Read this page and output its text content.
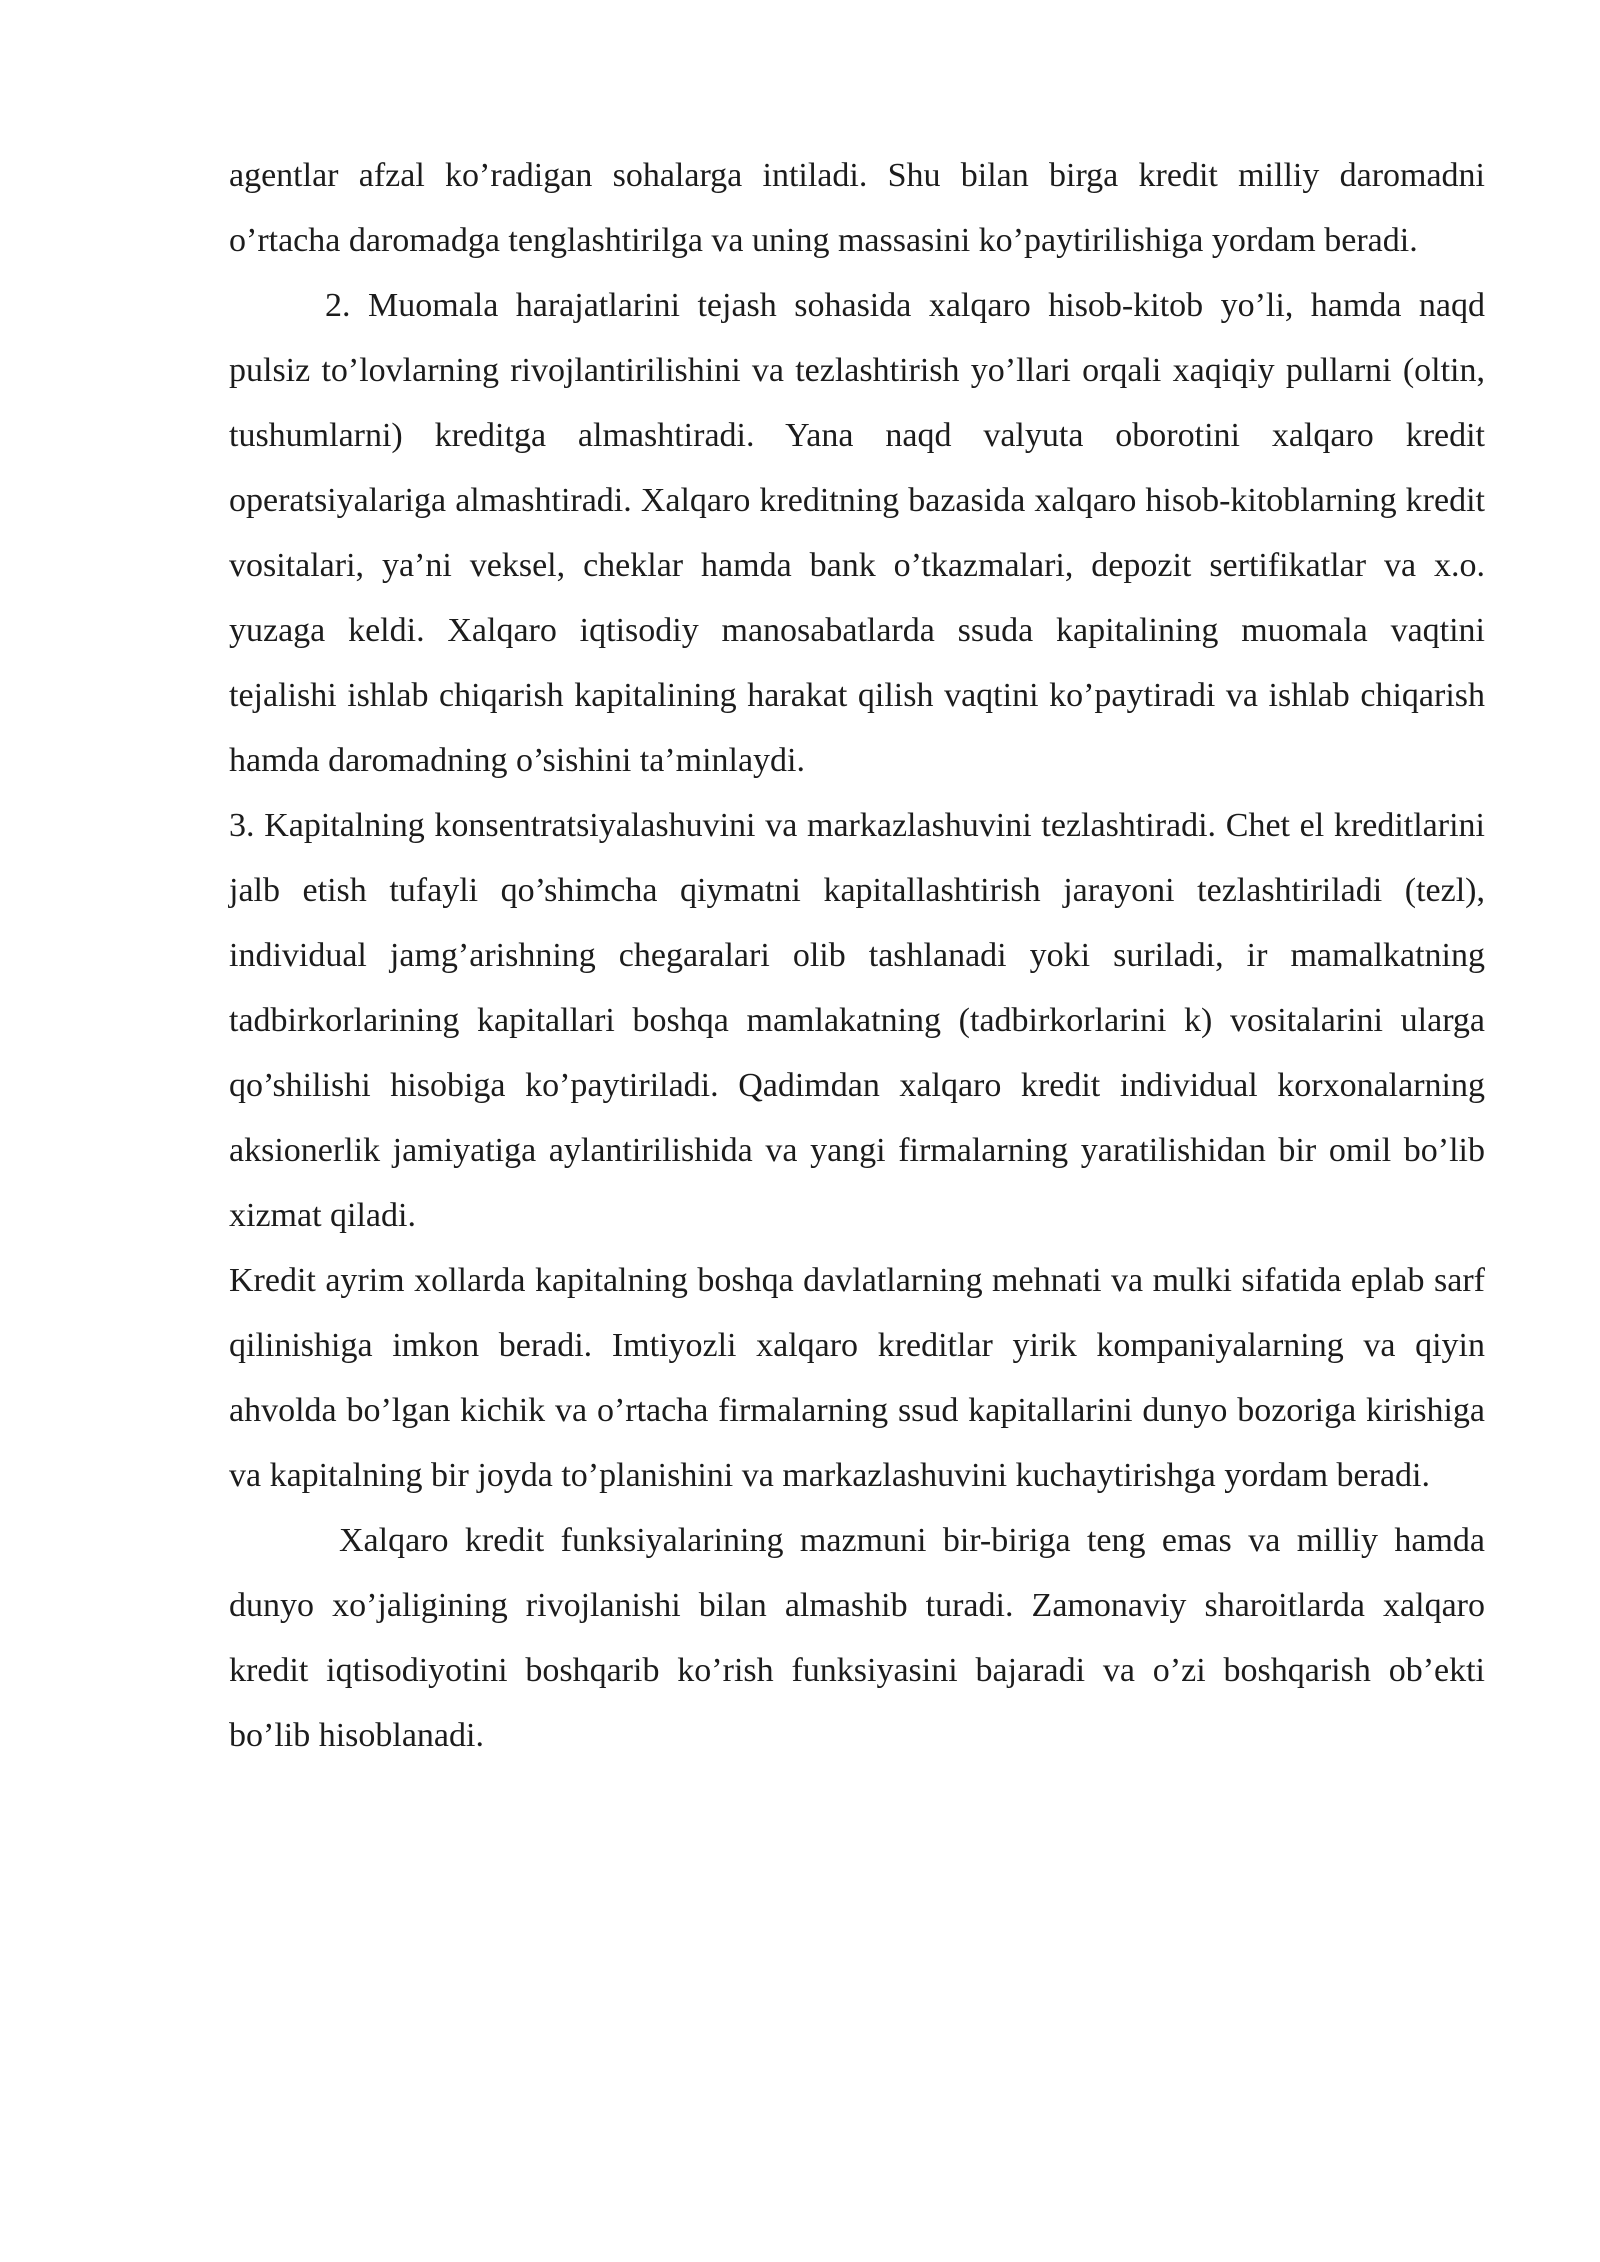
agentlar afzal ko’radigan sohalarga intiladi. Shu bilan birga kredit milliy daromadni o’rtacha daromadga tenglashtirilga va uning massasini ko’paytirilishiga yordam beradi.

2. Muomala harajatlarini tejash sohasida xalqaro hisob-kitob yo’li, hamda naqd pulsiz to’lovlarning rivojlantirilishini va tezlashtirish yo’llari orqali xaqiqiy pullarni (oltin, tushumlarni) kreditga almashtiradi. Yana naqd valyuta oborotini xalqaro kredit operatsiyalariga almashtiradi. Xalqaro kreditning bazasida xalqaro hisob-kitoblarning kredit vositalari, ya’ni veksel, cheklar hamda bank o’tkazmalari, depozit sertifikatlar va x.o. yuzaga keldi. Xalqaro iqtisodiy manosabatlarda ssuda kapitalining muomala vaqtini tejalishi ishlab chiqarish kapitalining harakat qilish vaqtini ko’paytiradi va ishlab chiqarish hamda daromadning o’sishini ta’minlaydi.

3. Kapitalning konsentratsiyalashuvini va markazlashuvini tezlashtiradi. Chet el kreditlarini jalb etish tufayli qo’shimcha qiymatni kapitallashtirish jarayoni tezlashtiriladi (tezl), individual jamg’arishning chegaralari olib tashlanadi yoki suriladi, ir mamalkatning tadbirkorlarining kapitallari boshqa mamlakatning (tadbirkorlarini k) vositalarini ularga qo’shilishi hisobiga ko’paytiriladi. Qadimdan xalqaro kredit individual korxonalarning aksionerlik jamiyatiga aylantirilishida va yangi firmalarning yaratilishidan bir omil bo’lib xizmat qiladi.

Kredit ayrim xollarda kapitalning boshqa davlatlarning mehnati va mulki sifatida eplab sarf qilinishiga imkon beradi. Imtiyozli xalqaro kreditlar yirik kompaniyalarning va qiyin ahvolda bo’lgan kichik va o’rtacha firmalarning ssud kapitallarini dunyo bozoriga kirishiga va kapitalning bir joyda to’planishini va markazlashuvini kuchaytirishga yordam beradi.

Xalqaro kredit funksiyalarining mazmuni bir-biriga teng emas va milliy hamda dunyo xo’jaligining rivojlanishi bilan almashib turadi. Zamonaviy sharoitlarda xalqaro kredit iqtisodiyotini boshqarib ko’rish funksiyasini bajaradi va o’zi boshqarish ob’ekti bo’lib hisoblanadi.
